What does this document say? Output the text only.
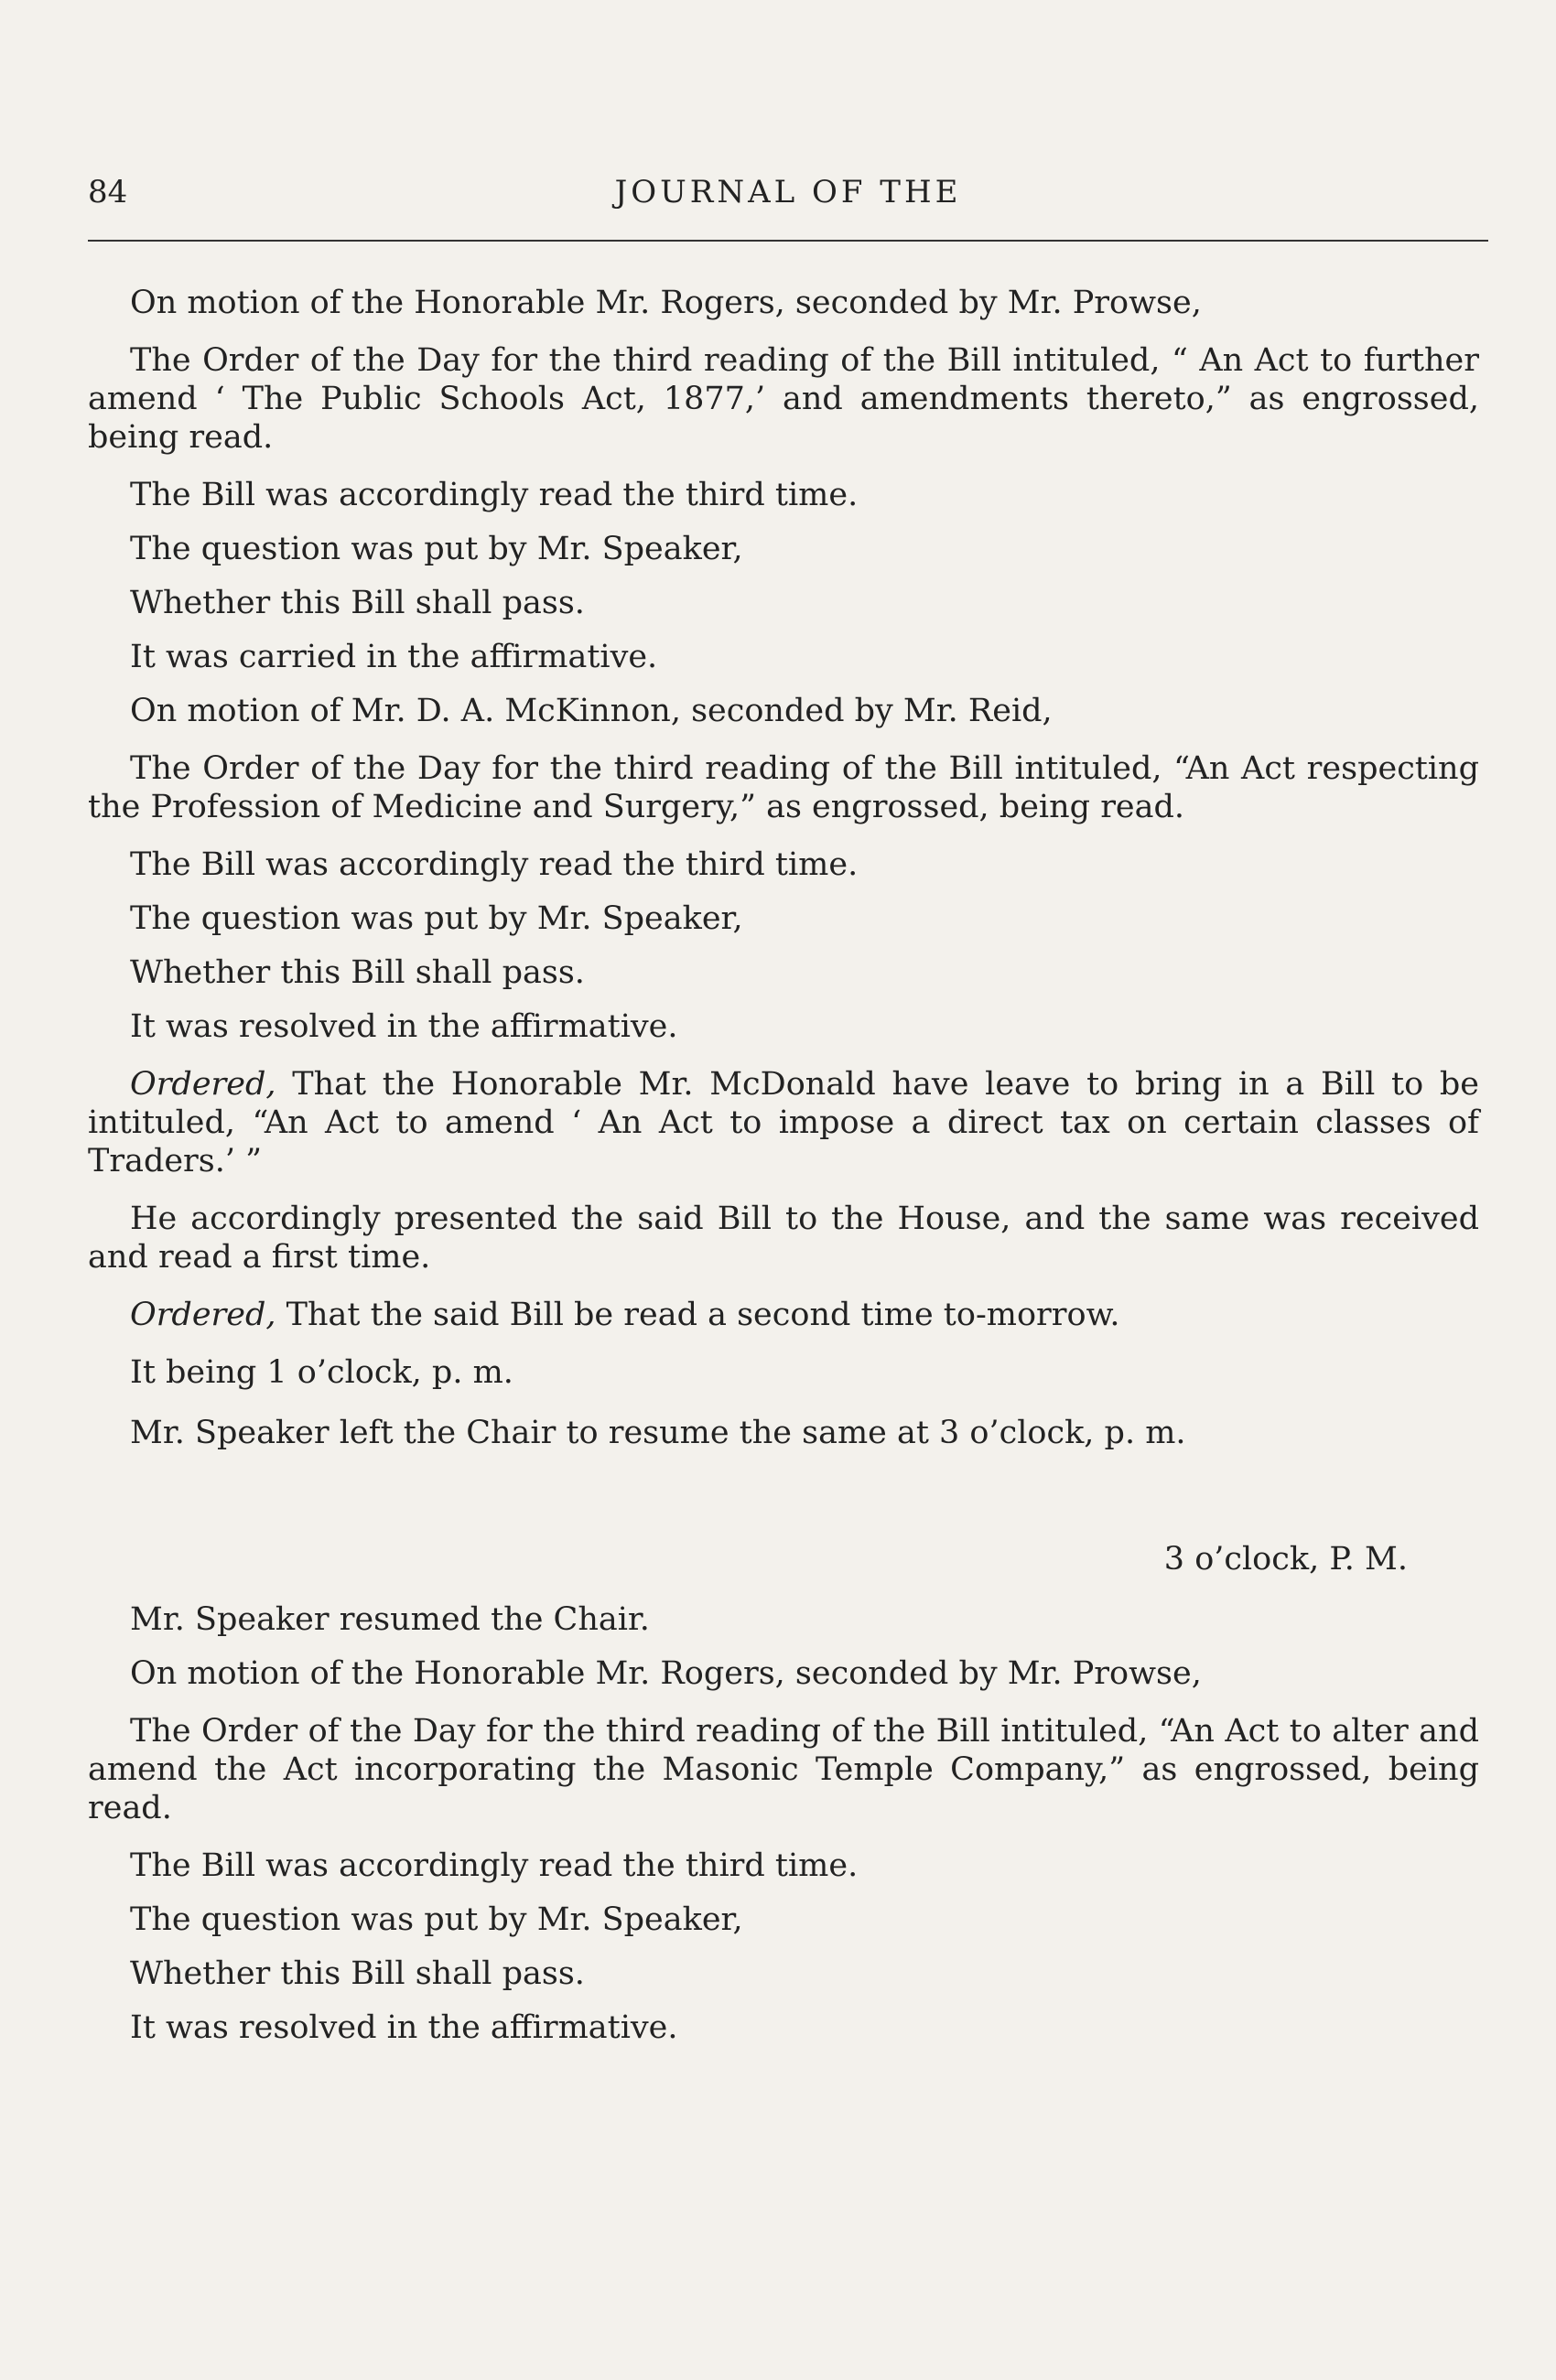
84	JOURNAL OF THE

On motion of the Honorable Mr. Rogers, seconded by Mr. Prowse,

The Order of the Day for the third reading of the Bill intituled, “ An Act to further amend ‘ The Public Schools Act, 1877,’ and amendments thereto,” as engrossed, being read.

The Bill was accordingly read the third time.

The question was put by Mr. Speaker,

Whether this Bill shall pass.

It was carried in the affirmative.

On motion of Mr. D. A. McKinnon, seconded by Mr. Reid,

The Order of the Day for the third reading of the Bill intituled, “An Act respecting the Profession of Medicine and Surgery,” as engrossed, being read.

The Bill was accordingly read the third time.

The question was put by Mr. Speaker,

Whether this Bill shall pass.

It was resolved in the affirmative.

Ordered, That the Honorable Mr. McDonald have leave to bring in a Bill to be intituled, “An Act to amend ‘ An Act to impose a direct tax on certain classes of Traders.’ ”

He accordingly presented the said Bill to the House, and the same was received and read a first time.

Ordered, That the said Bill be read a second time to-morrow.

It being 1 o’clock, p. m.

Mr. Speaker left the Chair to resume the same at 3 o’clock, p. m.

3 o’clock, P. M.

Mr. Speaker resumed the Chair.

On motion of the Honorable Mr. Rogers, seconded by Mr. Prowse,

The Order of the Day for the third reading of the Bill intituled, “An Act to alter and amend the Act incorporating the Masonic Temple Company,” as engrossed, being read.

The Bill was accordingly read the third time.

The question was put by Mr. Speaker,

Whether this Bill shall pass.

It was resolved in the affirmative.
